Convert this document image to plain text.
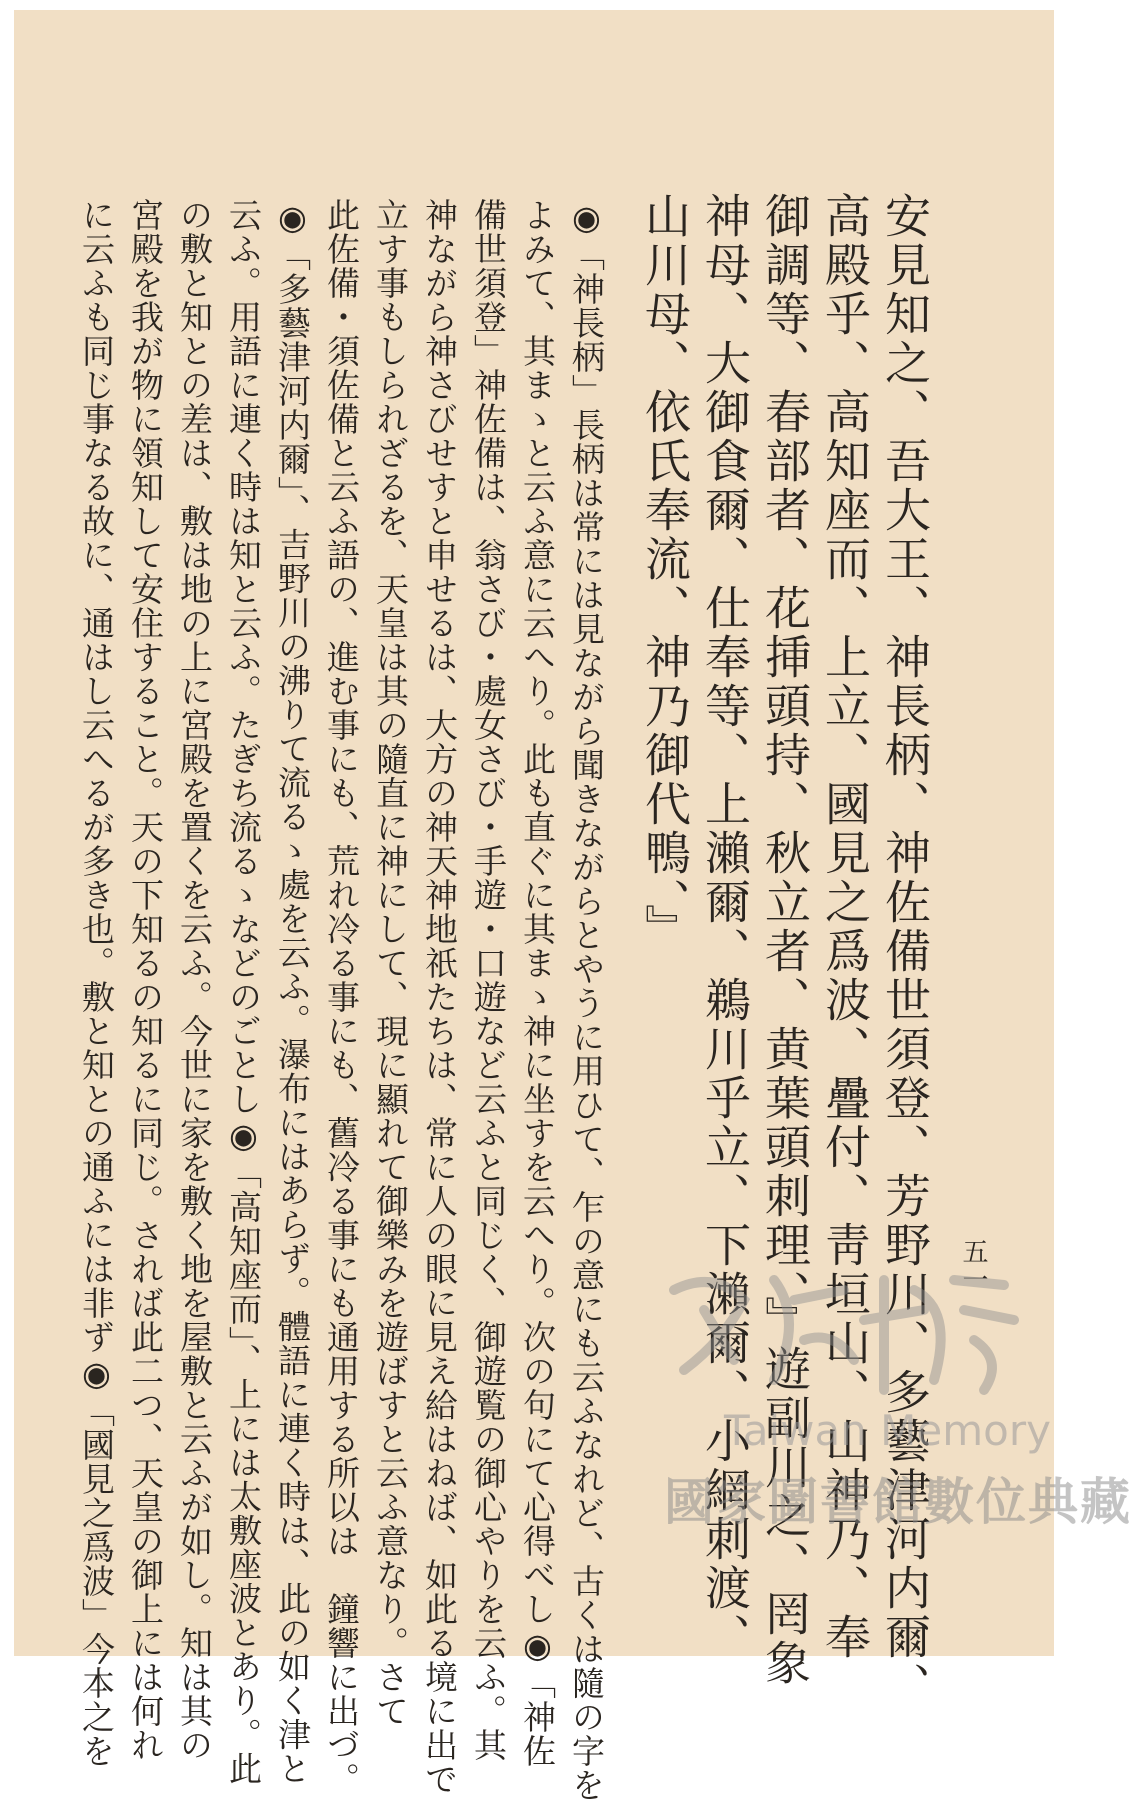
安見知之、吾大王、神長柄、神佐備世須登、芳野川、多藝津河内爾、
高殿乎、高知座而、上立、國見之爲波、疊付、靑垣山、山神乃、奉
御調等、春部者、花挿頭持、秋立者、黄葉頭刺理、』遊副川之、罔象
神母、大御食爾、仕奉等、上瀨爾、鵜川乎立、下瀨爾、小網刺渡、
山川母、依氏奉流、神乃御代鴨、』
◉「神長柄」長柄は常には見ながら聞きながらとやうに用ひて、乍の意にも云ふなれど、古くは隨の字を
よみて、其まゝと云ふ意に云へり。此も直ぐに其まゝ神に坐すを云へり。次の句にて心得べし◉「神佐
備世須登」神佐備は、翁さび・處女さび・手遊・口遊など云ふと同じく、御遊覧の御心やりを云ふ。其
神ながら神さびせすと申せるは、大方の神天神地祇たちは、常に人の眼に見え給はねば、如此る境に出で
立す事もしられざるを、天皇は其の隨直に神にして、現に顯れて御樂みを遊ばすと云ふ意なり。さて
此佐備・須佐備と云ふ語の、進む事にも、荒れ冷る事にも、舊冷る事にも通用する所以は　鐘響に出づ。
◉「多藝津河内爾」、吉野川の沸りて流るゝ處を云ふ。瀑布にはあらず。體語に連く時は、此の如く津と
云ふ。用語に連く時は知と云ふ。たぎち流るゝなどのごとし◉「高知座而」、上には太敷座波とあり。此
の敷と知との差は、敷は地の上に宮殿を置くを云ふ。今世に家を敷く地を屋敷と云ふが如し。知は其の
宮殿を我が物に領知して安住すること。天の下知るの知るに同じ。されば此二つ、天皇の御上には何れ
に云ふも同じ事なる故に、通はし云へるが多き也。敷と知との通ふには非ず◉「國見之爲波」今本之を	五一
Taiwan Memory
國家圖書館數位典藏
